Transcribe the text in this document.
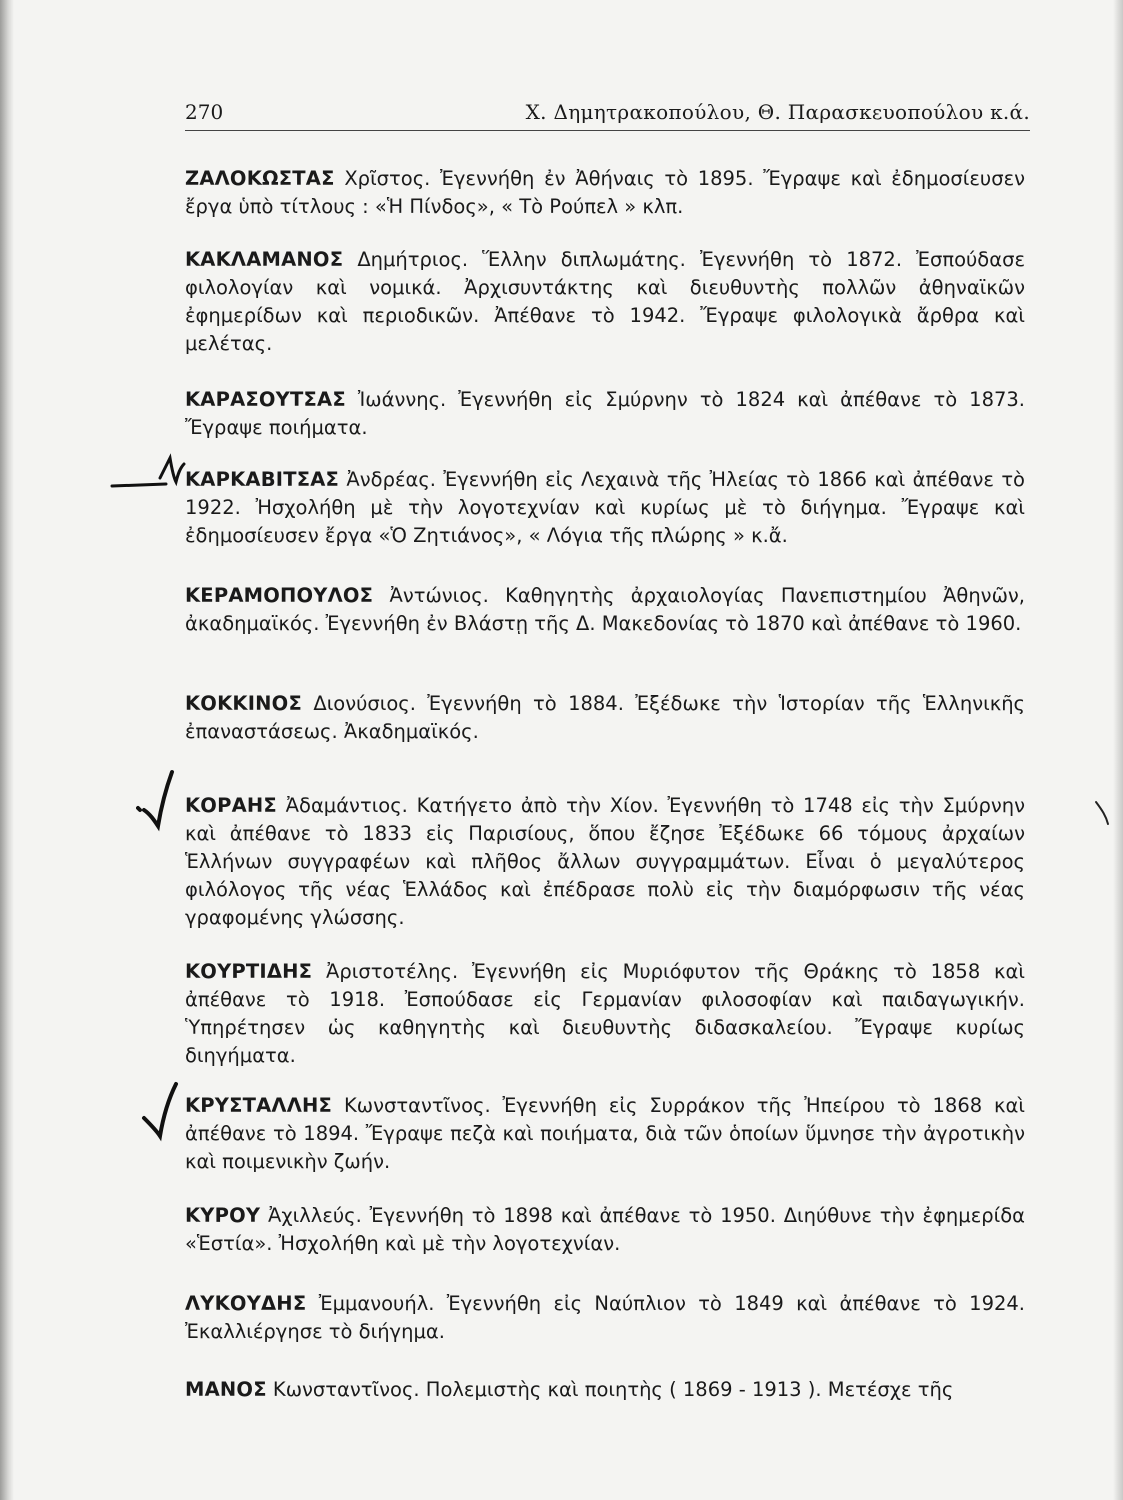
270	Χ. Δημητρακοπούλου, Θ. Παρασκευοπούλου κ.ά.
ΖΑΛΟΚΩΣΤΑΣ Χρῖστος. Ἐγεννήθη ἐν Ἀθήναις τὸ 1895. Ἔγραψε καὶ ἐδημοσίευσεν ἔργα ὑπὸ τίτλους : «Ἡ Πίνδος», « Τὸ Ρούπελ » κλπ.
ΚΑΚΛΑΜΑΝΟΣ Δημήτριος. Ἕλλην διπλωμάτης. Ἐγεννήθη τὸ 1872. Ἐσπούδασε φιλολογίαν καὶ νομικά. Ἀρχισυντάκτης καὶ διευθυντὴς πολλῶν ἀθηναϊκῶν ἐφημερίδων καὶ περιοδικῶν. Ἀπέθανε τὸ 1942. Ἔγραψε φιλολογικὰ ἄρθρα καὶ μελέτας.
ΚΑΡΑΣΟΥΤΣΑΣ Ἰωάννης. Ἐγεννήθη εἰς Σμύρνην τὸ 1824 καὶ ἀπέθανε τὸ 1873. Ἔγραψε ποιήματα.
ΚΑΡΚΑΒΙΤΣΑΣ Ἀνδρέας. Ἐγεννήθη εἰς Λεχαινὰ τῆς Ἠλείας τὸ 1866 καὶ ἀπέθανε τὸ 1922. Ἠσχολήθη μὲ τὴν λογοτεχνίαν καὶ κυρίως μὲ τὸ διήγημα. Ἔγραψε καὶ ἐδημοσίευσεν ἔργα «Ὁ Ζητιάνος», « Λόγια τῆς πλώρης » κ.ἄ.
ΚΕΡΑΜΟΠΟΥΛΟΣ Ἀντώνιος. Καθηγητὴς ἀρχαιολογίας Πανεπιστημίου Ἀθηνῶν, ἀκαδημαϊκός. Ἐγεννήθη ἐν Βλάστῃ τῆς Δ. Μακεδονίας τὸ 1870 καὶ ἀπέθανε τὸ 1960.
ΚΟΚΚΙΝΟΣ Διονύσιος. Ἐγεννήθη τὸ 1884. Ἐξέδωκε τὴν Ἱστορίαν τῆς Ἑλληνικῆς ἐπαναστάσεως. Ἀκαδημαϊκός.
ΚΟΡΑΗΣ Ἀδαμάντιος. Κατήγετο ἀπὸ τὴν Χίον. Ἐγεννήθη τὸ 1748 εἰς τὴν Σμύρνην καὶ ἀπέθανε τὸ 1833 εἰς Παρισίους, ὅπου ἔζησε Ἐξέδωκε 66 τόμους ἀρχαίων Ἑλλήνων συγγραφέων καὶ πλῆθος ἄλλων συγγραμμάτων. Εἶναι ὁ μεγαλύτερος φιλόλογος τῆς νέας Ἑλλάδος καὶ ἐπέδρασε πολὺ εἰς τὴν διαμόρφωσιν τῆς νέας γραφομένης γλώσσης.
ΚΟΥΡΤΙΔΗΣ Ἀριστοτέλης. Ἐγεννήθη εἰς Μυριόφυτον τῆς Θράκης τὸ 1858 καὶ ἀπέθανε τὸ 1918. Ἐσπούδασε εἰς Γερμανίαν φιλοσοφίαν καὶ παιδαγωγικήν. Ὑπηρέτησεν ὡς καθηγητὴς καὶ διευθυντὴς διδασκαλείου. Ἔγραψε κυρίως διηγήματα.
ΚΡΥΣΤΑΛΛΗΣ Κωνσταντῖνος. Ἐγεννήθη εἰς Συρράκον τῆς Ἠπείρου τὸ 1868 καὶ ἀπέθανε τὸ 1894. Ἔγραψε πεζὰ καὶ ποιήματα, διὰ τῶν ὁποίων ὕμνησε τὴν ἀγροτικὴν καὶ ποιμενικὴν ζωήν.
ΚΥΡΟΥ Ἀχιλλεύς. Ἐγεννήθη τὸ 1898 καὶ ἀπέθανε τὸ 1950. Διηύθυνε τὴν ἐφημερίδα «Ἑστία». Ἠσχολήθη καὶ μὲ τὴν λογοτεχνίαν.
ΛΥΚΟΥΔΗΣ Ἐμμανουήλ. Ἐγεννήθη εἰς Ναύπλιον τὸ 1849 καὶ ἀπέθανε τὸ 1924. Ἐκαλλιέργησε τὸ διήγημα.
ΜΑΝΟΣ Κωνσταντῖνος. Πολεμιστὴς καὶ ποιητὴς ( 1869 - 1913 ). Μετέσχε τῆς
